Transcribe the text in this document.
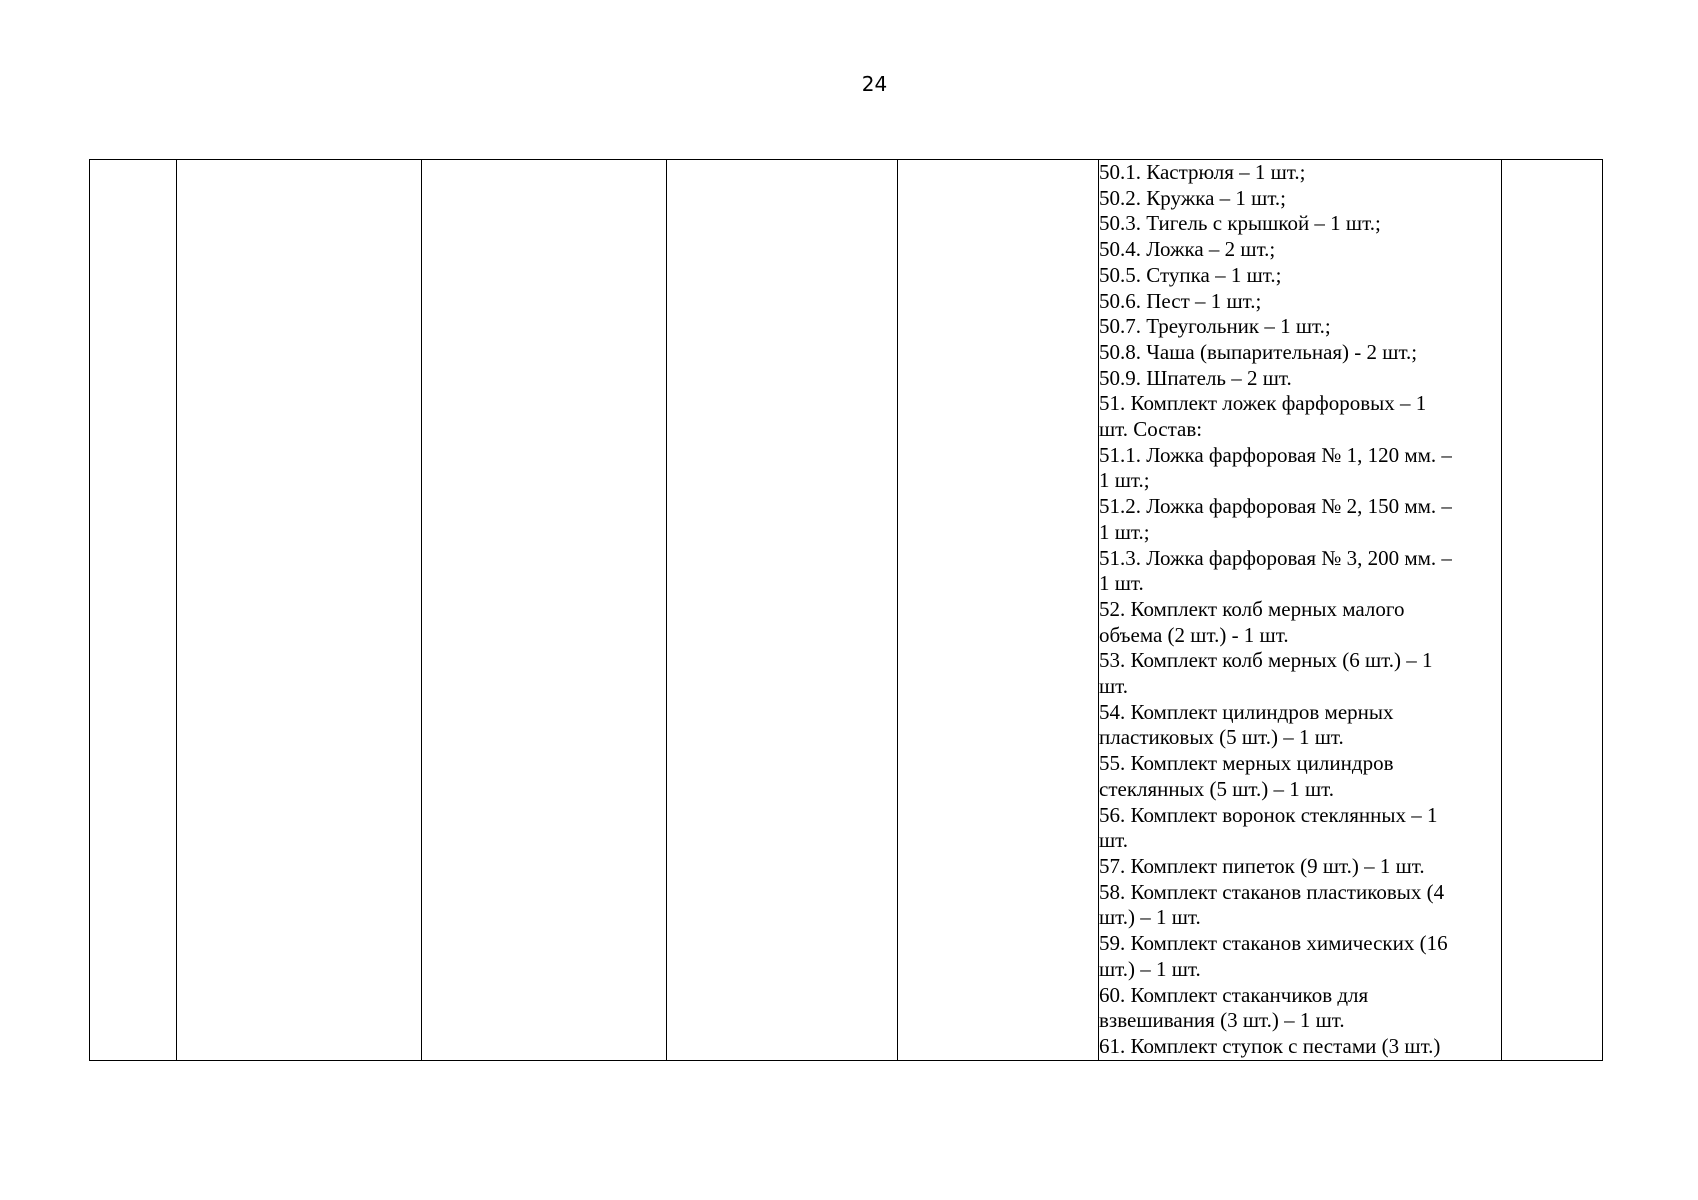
24

50.1. Кастрюля – 1 шт.;
50.2. Кружка – 1 шт.;
50.3. Тигель с крышкой – 1 шт.;
50.4. Ложка – 2 шт.;
50.5. Ступка – 1 шт.;
50.6. Пест – 1 шт.;
50.7. Треугольник – 1 шт.;
50.8. Чаша (выпарительная) - 2 шт.;
50.9. Шпатель – 2 шт.
51. Комплект ложек фарфоровых – 1
шт. Состав:
51.1. Ложка фарфоровая № 1, 120 мм. –
1 шт.;
51.2. Ложка фарфоровая № 2, 150 мм. –
1 шт.;
51.3. Ложка фарфоровая № 3, 200 мм. –
1 шт.
52. Комплект колб мерных малого
объема (2 шт.) - 1 шт.
53. Комплект колб мерных (6 шт.) – 1
шт.
54. Комплект цилиндров мерных
пластиковых (5 шт.) – 1 шт.
55. Комплект мерных цилиндров
стеклянных (5 шт.) – 1 шт.
56. Комплект воронок стеклянных – 1
шт.
57. Комплект пипеток (9 шт.) – 1 шт.
58. Комплект стаканов пластиковых (4
шт.) – 1 шт.
59. Комплект стаканов химических (16
шт.) – 1 шт.
60. Комплект стаканчиков для
взвешивания (3 шт.) – 1 шт.
61. Комплект ступок с пестами (3 шт.)
